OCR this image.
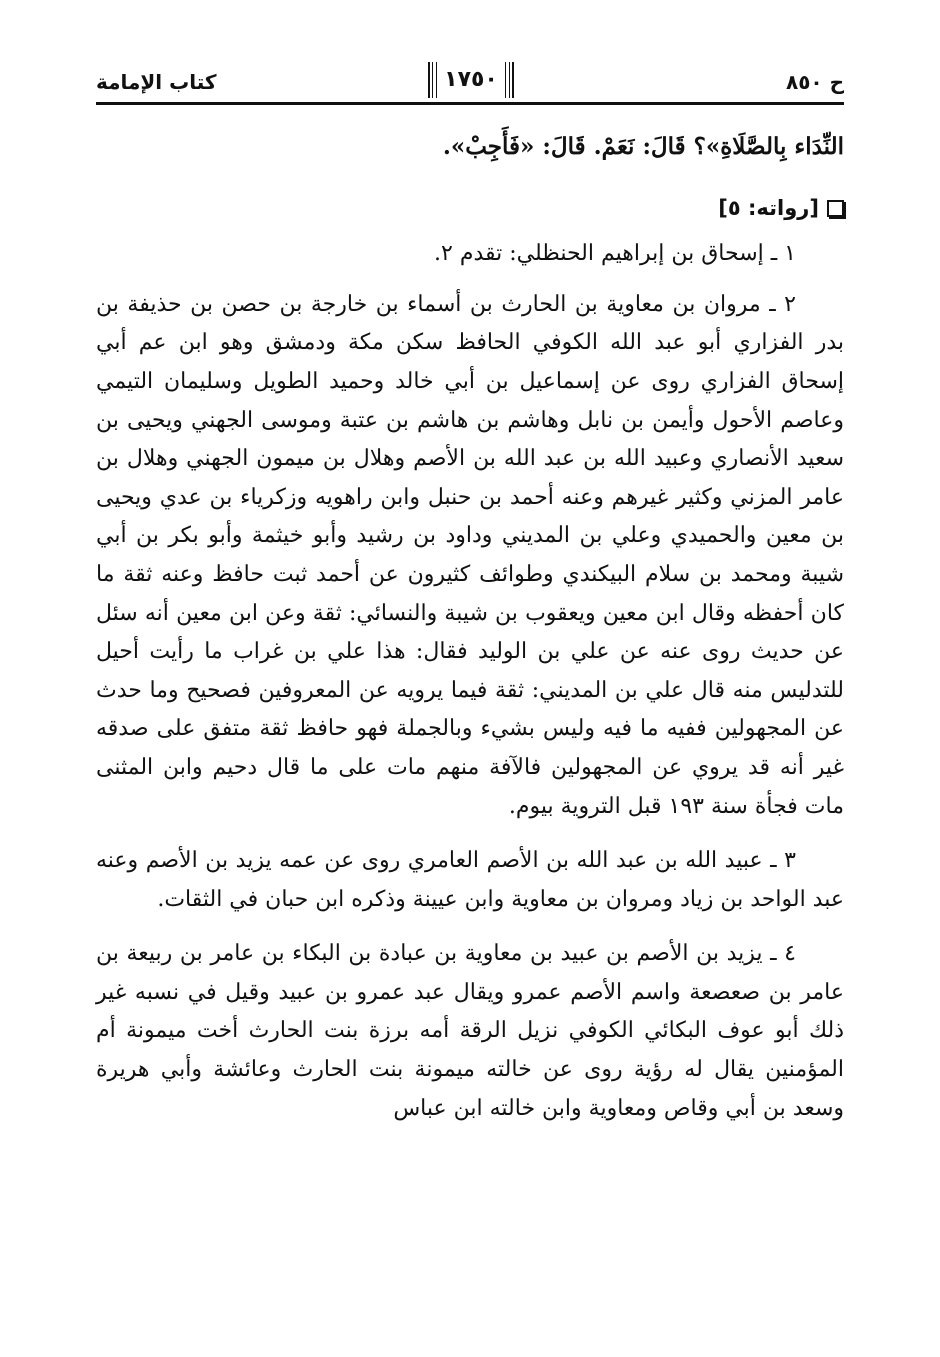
ح ٨٥٠
١٧٥٠
كتاب الإمامة

النِّدَاء بِالصَّلَاةِ»؟ قَالَ: نَعَمْ. قَالَ: «فَأَجِبْ».

[رواته: ٥]

١ ـ إسحاق بن إبراهيم الحنظلي: تقدم ٢.

٢ ـ مروان بن معاوية بن الحارث بن أسماء بن خارجة بن حصن بن حذيفة بن بدر الفزاري أبو عبد الله الكوفي الحافظ سكن مكة ودمشق وهو ابن عم أبي إسحاق الفزاري روى عن إسماعيل بن أبي خالد وحميد الطويل وسليمان التيمي وعاصم الأحول وأيمن بن نابل وهاشم بن هاشم بن عتبة وموسى الجهني ويحيى بن سعيد الأنصاري وعبيد الله بن عبد الله بن الأصم وهلال بن ميمون الجهني وهلال بن عامر المزني وكثير غيرهم وعنه أحمد بن حنبل وابن راهويه وزكرياء بن عدي ويحيى بن معين والحميدي وعلي بن المديني وداود بن رشيد وأبو خيثمة وأبو بكر بن أبي شيبة ومحمد بن سلام البيكندي وطوائف كثيرون عن أحمد ثبت حافظ وعنه ثقة ما كان أحفظه وقال ابن معين ويعقوب بن شيبة والنسائي: ثقة وعن ابن معين أنه سئل عن حديث روى عنه عن علي بن الوليد فقال: هذا علي بن غراب ما رأيت أحيل للتدليس منه قال علي بن المديني: ثقة فيما يرويه عن المعروفين فصحيح وما حدث عن المجهولين ففيه ما فيه وليس بشيء وبالجملة فهو حافظ ثقة متفق على صدقه غير أنه قد يروي عن المجهولين فالآفة منهم مات على ما قال دحيم وابن المثنى مات فجأة سنة ١٩٣ قبل التروية بيوم.

٣ ـ عبيد الله بن عبد الله بن الأصم العامري روى عن عمه يزيد بن الأصم وعنه عبد الواحد بن زياد ومروان بن معاوية وابن عيينة وذكره ابن حبان في الثقات.

٤ ـ يزيد بن الأصم بن عبيد بن معاوية بن عبادة بن البكاء بن عامر بن ربيعة بن عامر بن صعصعة واسم الأصم عمرو ويقال عبد عمرو بن عبيد وقيل في نسبه غير ذلك أبو عوف البكائي الكوفي نزيل الرقة أمه برزة بنت الحارث أخت ميمونة أم المؤمنين يقال له رؤية روى عن خالته ميمونة بنت الحارث وعائشة وأبي هريرة وسعد بن أبي وقاص ومعاوية وابن خالته ابن عباس
